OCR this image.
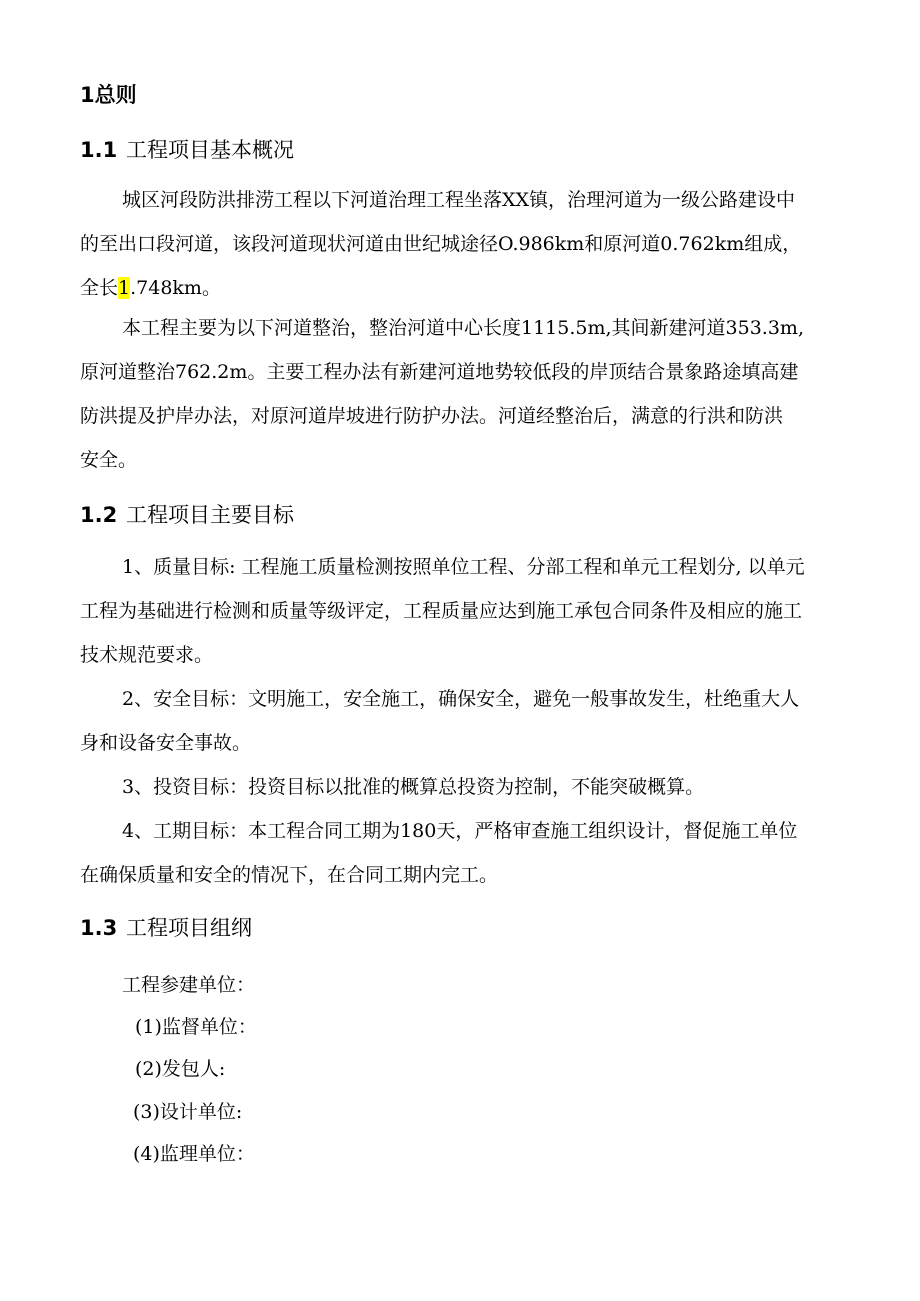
1总则
1.1 工程项目基本概况
城区河段防洪排涝工程以下河道治理工程坐落XX镇，治理河道为一级公路建设中
的至出口段河道，该段河道现状河道由世纪城途径O.986km和原河道0.762km组成，
全长1.748km。
本工程主要为以下河道整治，整治河道中心长度1115.5m,其间新建河道353.3m,
原河道整治762.2m。主要工程办法有新建河道地势较低段的岸顶结合景象路途填高建
防洪提及护岸办法，对原河道岸坡进行防护办法。河道经整治后，满意的行洪和防洪
安全。
1.2 工程项目主要目标
1、质量目标: 工程施工质量检测按照单位工程、分部工程和单元工程划分, 以单元
工程为基础进行检测和质量等级评定，工程质量应达到施工承包合同条件及相应的施工
技术规范要求。
2、安全目标：文明施工，安全施工，确保安全，避免一般事故发生，杜绝重大人
身和设备安全事故。
3、投资目标：投资目标以批准的概算总投资为控制，不能突破概算。
4、工期目标：本工程合同工期为180天，严格审查施工组织设计，督促施工单位
在确保质量和安全的情况下，在合同工期内完工。
1.3 工程项目组纲
工程参建单位：
(1)监督单位：
(2)发包人:
(3)设计单位:
(4)监理单位：
